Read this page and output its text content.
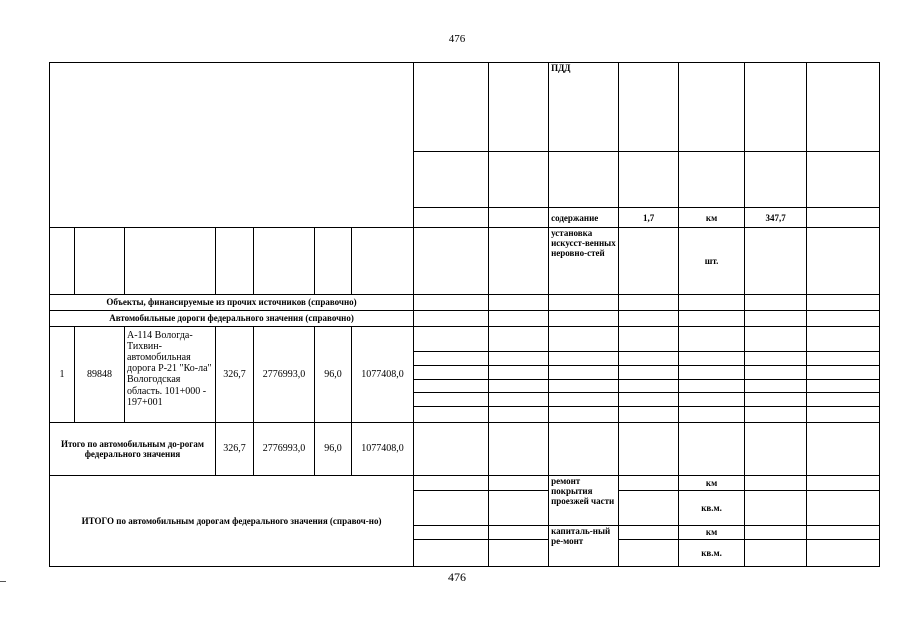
476
									ПДД				

									содержание	1,7	км	347,7	
									установка искусст-венных неровно-стей		шт.		
Объекты, финансируемые из прочих источников (справочно)													
Автомобильные дороги федерального значения (справочно)													
1	89848	А-114 Вологда-Тихвин-автомобильная дорога Р-21 "Ко-ла" Вологодская область. 101+000 - 197+001	326,7	2776993,0	96,0	1077408,0							

Итого по автомобильным до-рогам федерального значения			326,7	2776993,0	96,0	1077408,0							
ИТОГО по автомобильным дорогам федерального значения (справоч-но)									ремонт покрытия проезжей части		км		
											кв.м.		
									капиталь-ный ре-монт		км		
											кв.м.		
476
